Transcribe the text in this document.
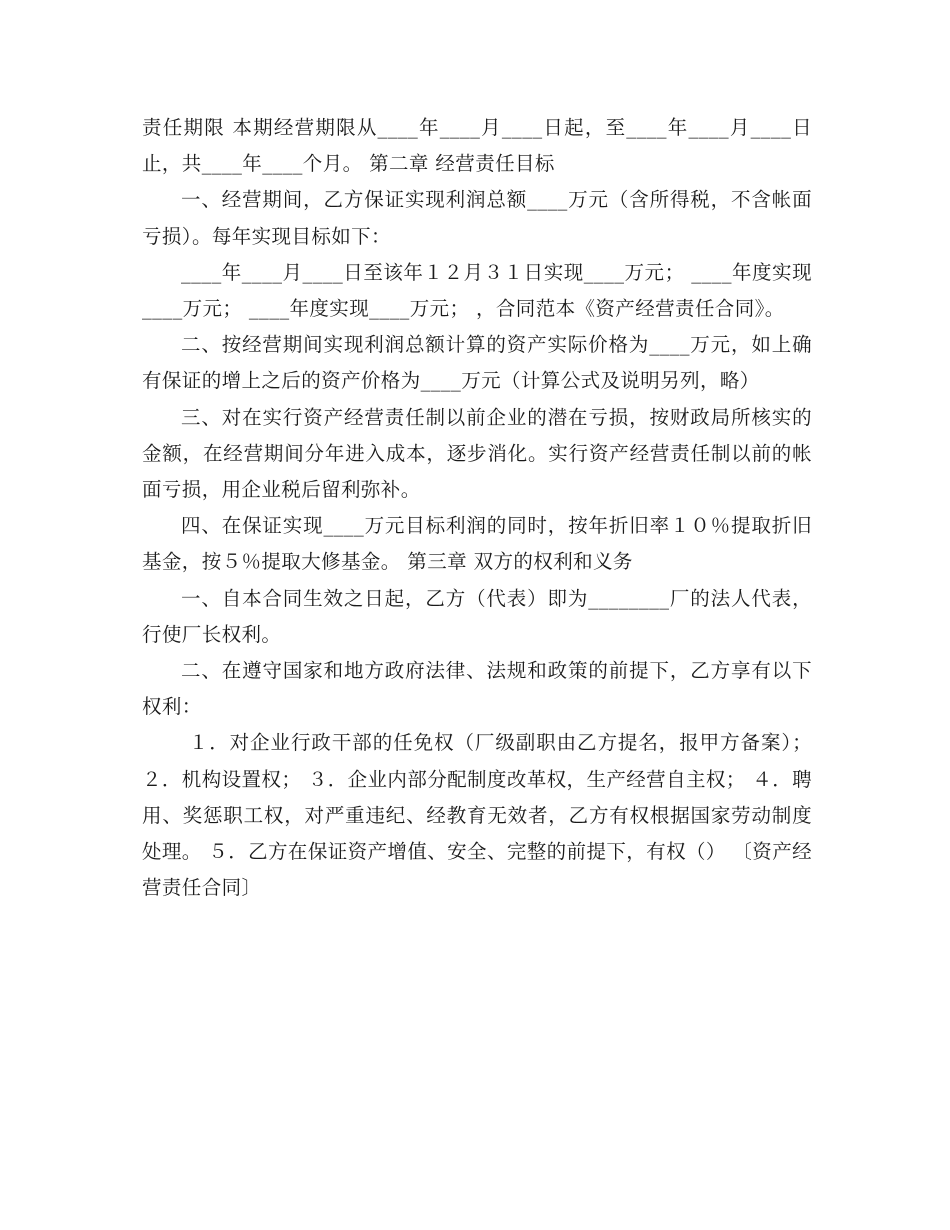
责任期限 本期经营期限从____年____月____日起，至____年____月____日止，共____年____个月。 第二章 经营责任目标

一、经营期间，乙方保证实现利润总额____万元（含所得税，不含帐面亏损）。每年实现目标如下：

____年____月____日至该年１２月３１日实现____万元； ____年度实现____万元； ____年度实现____万元； ，合同范本《资产经营责任合同》。

二、按经营期间实现利润总额计算的资产实际价格为____万元，如上确有保证的增上之后的资产价格为____万元（计算公式及说明另列，略）

三、对在实行资产经营责任制以前企业的潜在亏损，按财政局所核实的金额，在经营期间分年进入成本，逐步消化。实行资产经营责任制以前的帐面亏损，用企业税后留利弥补。

四、在保证实现____万元目标利润的同时，按年折旧率１０％提取折旧基金，按５％提取大修基金。 第三章 双方的权利和义务

一、自本合同生效之日起，乙方（代表）即为________厂的法人代表，行使厂长权利。

二、在遵守国家和地方政府法律、法规和政策的前提下，乙方享有以下权利：

１．对企业行政干部的任免权（厂级副职由乙方提名，报甲方备案）； ２．机构设置权； ３．企业内部分配制度改革权，生产经营自主权； ４．聘用、奖惩职工权，对严重违纪、经教育无效者，乙方有权根据国家劳动制度处理。 ５．乙方在保证资产增值、安全、完整的前提下，有权（） 〔资产经营责任合同〕
